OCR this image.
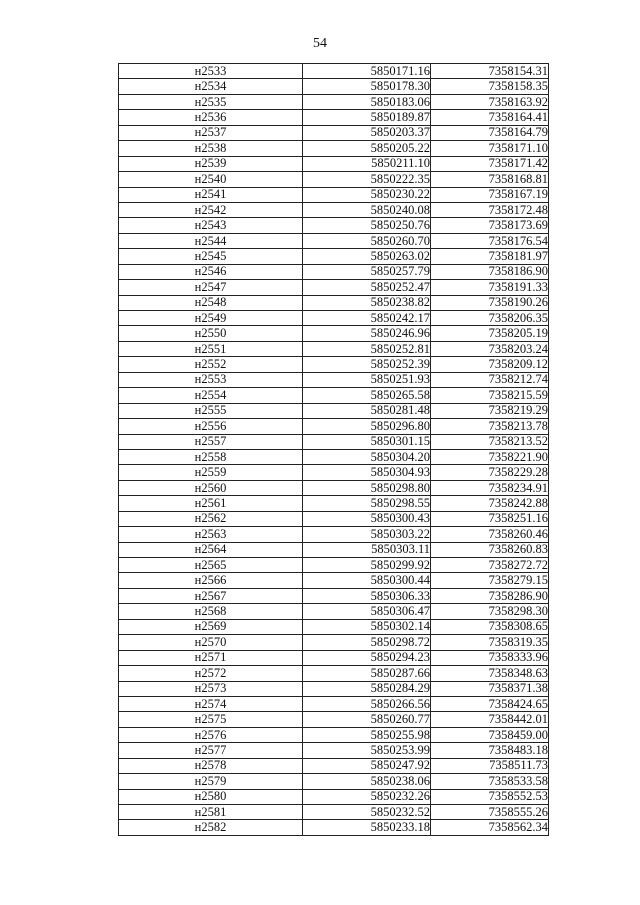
54
н2533	5850171.16	7358154.31
н2534	5850178.30	7358158.35
н2535	5850183.06	7358163.92
н2536	5850189.87	7358164.41
н2537	5850203.37	7358164.79
н2538	5850205.22	7358171.10
н2539	5850211.10	7358171.42
н2540	5850222.35	7358168.81
н2541	5850230.22	7358167.19
н2542	5850240.08	7358172.48
н2543	5850250.76	7358173.69
н2544	5850260.70	7358176.54
н2545	5850263.02	7358181.97
н2546	5850257.79	7358186.90
н2547	5850252.47	7358191.33
н2548	5850238.82	7358190.26
н2549	5850242.17	7358206.35
н2550	5850246.96	7358205.19
н2551	5850252.81	7358203.24
н2552	5850252.39	7358209.12
н2553	5850251.93	7358212.74
н2554	5850265.58	7358215.59
н2555	5850281.48	7358219.29
н2556	5850296.80	7358213.78
н2557	5850301.15	7358213.52
н2558	5850304.20	7358221.90
н2559	5850304.93	7358229.28
н2560	5850298.80	7358234.91
н2561	5850298.55	7358242.88
н2562	5850300.43	7358251.16
н2563	5850303.22	7358260.46
н2564	5850303.11	7358260.83
н2565	5850299.92	7358272.72
н2566	5850300.44	7358279.15
н2567	5850306.33	7358286.90
н2568	5850306.47	7358298.30
н2569	5850302.14	7358308.65
н2570	5850298.72	7358319.35
н2571	5850294.23	7358333.96
н2572	5850287.66	7358348.63
н2573	5850284.29	7358371.38
н2574	5850266.56	7358424.65
н2575	5850260.77	7358442.01
н2576	5850255.98	7358459.00
н2577	5850253.99	7358483.18
н2578	5850247.92	7358511.73
н2579	5850238.06	7358533.58
н2580	5850232.26	7358552.53
н2581	5850232.52	7358555.26
н2582	5850233.18	7358562.34
